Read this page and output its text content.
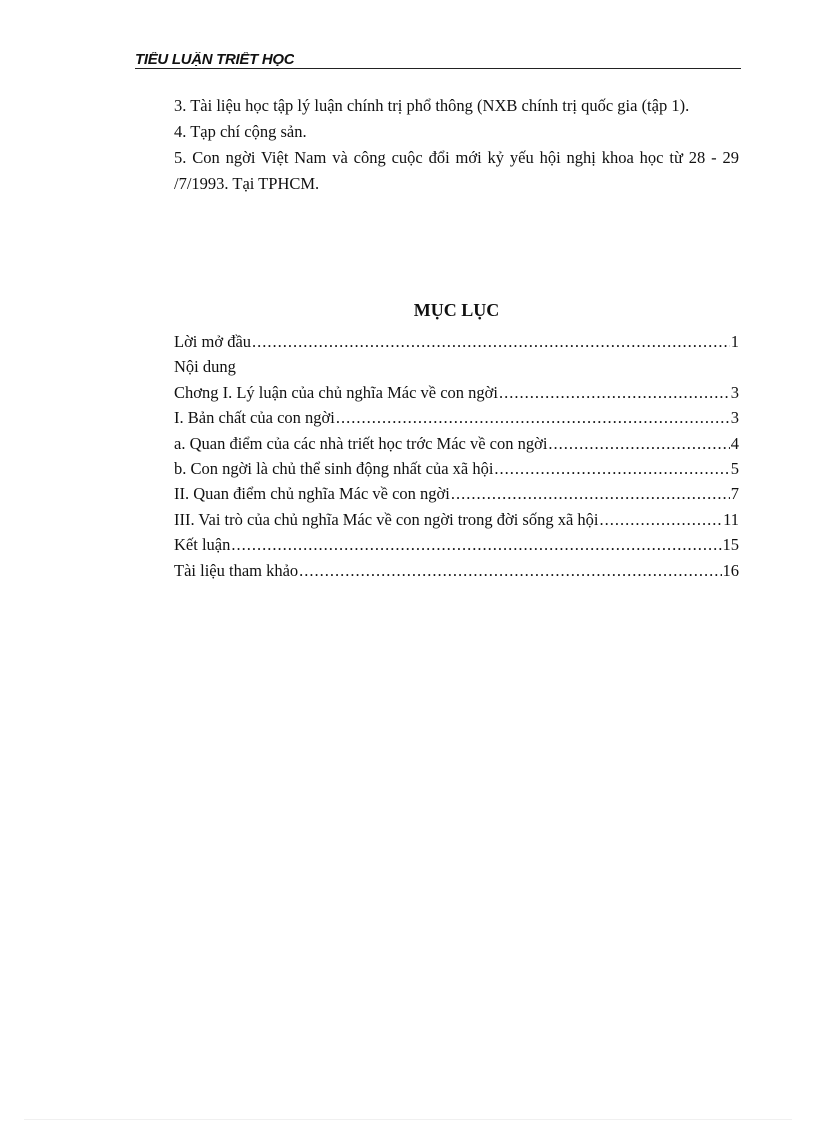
TIỂU LUẬN TRIẾT HỌC

3. Tài liệu học tập lý luận chính trị phổ thông (NXB chính trị quốc gia (tập 1).

4. Tạp chí cộng sản.

5. Con ngời Việt Nam và công cuộc đổi mới kỷ yếu hội nghị khoa học từ 28 - 29 /7/1993. Tại TPHCM.

MỤC LỤC
Lời mở đầu .....	1
Nội dung
Chơng I. Lý luận của chủ nghĩa Mác về con ngời .....	3
I. Bản chất của con ngời .....	3
a. Quan điểm của các nhà triết học trớc Mác về con ngời .....	4
b. Con ngời là chủ thể sinh động nhất của xã hội .....	5
II. Quan điểm chủ nghĩa Mác về con ngời .....	7
III. Vai trò của chủ nghĩa Mác về con ngời trong đời sống xã hội .....	11
Kết luận .....	15
Tài liệu tham khảo .....	16
